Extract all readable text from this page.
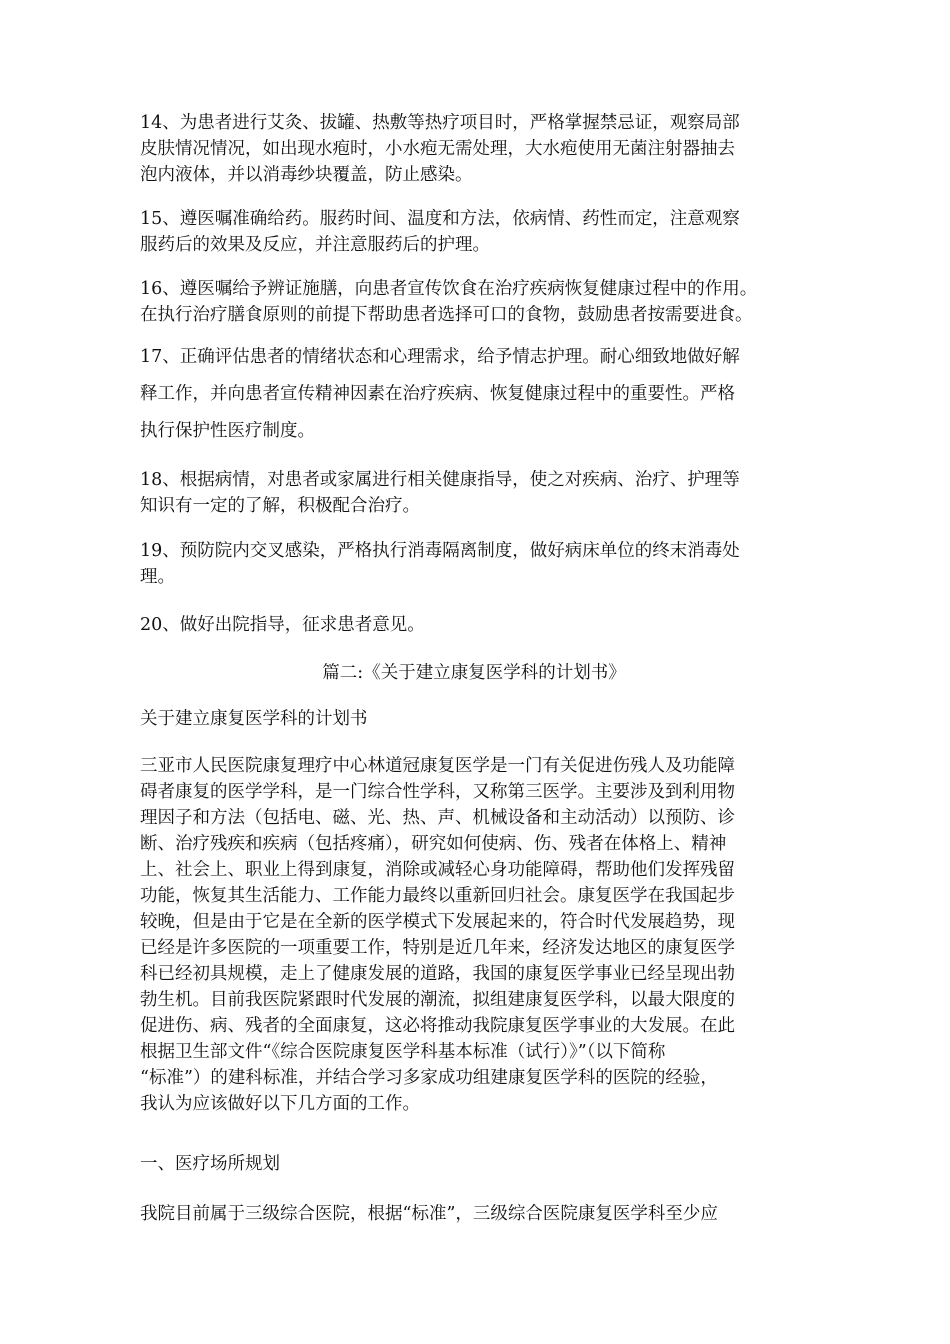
14、为患者进行艾灸、拔罐、热敷等热疗项目时，严格掌握禁忌证，观察局部
皮肤情况情况，如出现水疱时，小水疱无需处理，大水疱使用无菌注射器抽去
泡内液体，并以消毒纱块覆盖，防止感染。
15、遵医嘱准确给药。服药时间、温度和方法，依病情、药性而定，注意观察
服药后的效果及反应，并注意服药后的护理。
16、遵医嘱给予辨证施膳，向患者宣传饮食在治疗疾病恢复健康过程中的作用。
在执行治疗膳食原则的前提下帮助患者选择可口的食物，鼓励患者按需要进食。
17、正确评估患者的情绪状态和心理需求，给予情志护理。耐心细致地做好解
释工作，并向患者宣传精神因素在治疗疾病、恢复健康过程中的重要性。严格
执行保护性医疗制度。
18、根据病情，对患者或家属进行相关健康指导，使之对疾病、治疗、护理等
知识有一定的了解，积极配合治疗。
19、预防院内交叉感染，严格执行消毒隔离制度，做好病床单位的终末消毒处
理。
20、做好出院指导，征求患者意见。
篇二:《关于建立康复医学科的计划书》
关于建立康复医学科的计划书
三亚市人民医院康复理疗中心林道冠康复医学是一门有关促进伤残人及功能障
碍者康复的医学学科，是一门综合性学科，又称第三医学。主要涉及到利用物
理因子和方法（包括电、磁、光、热、声、机械设备和主动活动）以预防、诊
断、治疗残疾和疾病（包括疼痛），研究如何使病、伤、残者在体格上、精神
上、社会上、职业上得到康复，消除或减轻心身功能障碍，帮助他们发挥残留
功能，恢复其生活能力、工作能力最终以重新回归社会。康复医学在我国起步
较晚，但是由于它是在全新的医学模式下发展起来的，符合时代发展趋势，现
已经是许多医院的一项重要工作，特别是近几年来，经济发达地区的康复医学
科已经初具规模，走上了健康发展的道路，我国的康复医学事业已经呈现出勃
勃生机。目前我医院紧跟时代发展的潮流，拟组建康复医学科，以最大限度的
促进伤、病、残者的全面康复，这必将推动我院康复医学事业的大发展。在此
根据卫生部文件“《综合医院康复医学科基本标准（试行）》”（以下简称
“标准”）的建科标准，并结合学习多家成功组建康复医学科的医院的经验，
我认为应该做好以下几方面的工作。
一、医疗场所规划
我院目前属于三级综合医院，根据“标准”，三级综合医院康复医学科至少应
